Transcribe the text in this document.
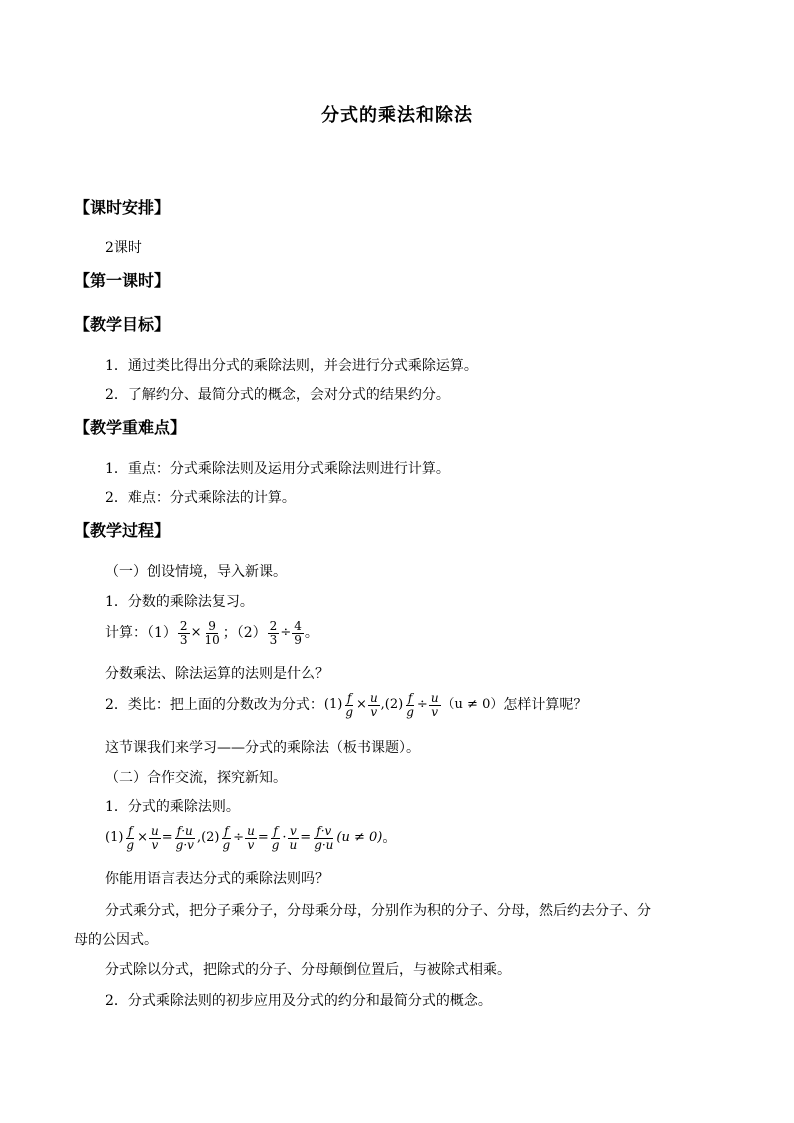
分式的乘法和除法
【课时安排】
2课时
【第一课时】
【教学目标】
1．通过类比得出分式的乘除法则，并会进行分式乘除运算。
2．了解约分、最简分式的概念，会对分式的结果约分。
【教学重难点】
1．重点：分式乘除法则及运用分式乘除法则进行计算。
2．难点：分式乘除法的计算。
【教学过程】
（一）创设情境，导入新课。
1．分数的乘除法复习。
计算：$(1) \frac{2}{3} \times \frac{9}{10}$ ；$(2) \frac{2}{3} \div \frac{4}{9}$ 。
分数乘法、除法运算的法则是什么？
2．类比：把上面的分数改为分式：$(1) \frac{f}{g} \times \frac{u}{v} ,(2) \frac{f}{g} \div \frac{u}{v} (u \ne 0)$怎样计算呢？
这节课我们来学习——分式的乘除法（板书课题）。
（二）合作交流，探究新知。
1．分式的乘除法则。
$(1) \frac{f}{g} \times \frac{u}{v} = \frac{f\cdot u}{g\cdot v} ,(2) \frac{f}{g} \div \frac{u}{v} = \frac{f}{g} \cdot \frac{v}{u} = \frac{f\cdot v}{g\cdot u} (u \ne 0)$。
你能用语言表达分式的乘除法则吗？
分式乘分式，把分子乘分子，分母乘分母，分别作为积的分子、分母，然后约去分子、分
母的公因式。
分式除以分式，把除式的分子、分母颠倒位置后，与被除式相乘。
2．分式乘除法则的初步应用及分式的约分和最简分式的概念。
